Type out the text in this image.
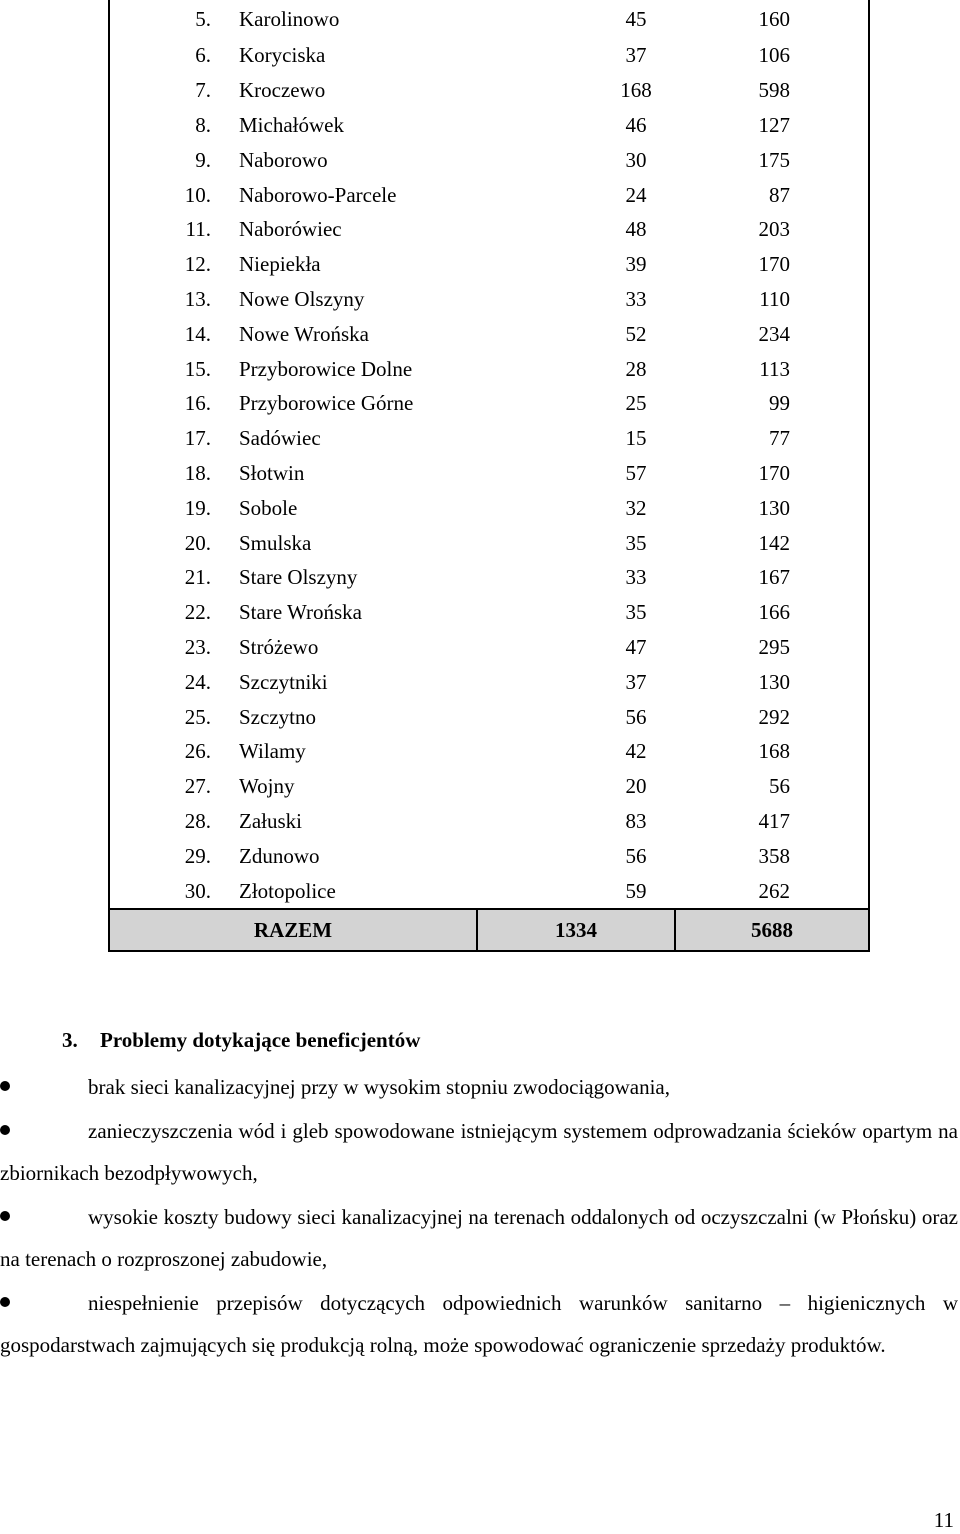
5.	Karolinowo	45	160
6.	Koryciska	37	106
7.	Kroczewo	168	598
8.	Michałówek	46	127
9.	Naborowo	30	175
10.	Naborowo-Parcele	24	87
11.	Naborówiec	48	203
12.	Niepiekła	39	170
13.	Nowe Olszyny	33	110
14.	Nowe Wrońska	52	234
15.	Przyborowice Dolne	28	113
16.	Przyborowice Górne	25	99
17.	Sadówiec	15	77
18.	Słotwin	57	170
19.	Sobole	32	130
20.	Smulska	35	142
21.	Stare Olszyny	33	167
22.	Stare Wrońska	35	166
23.	Stróżewo	47	295
24.	Szczytniki	37	130
25.	Szczytno	56	292
26.	Wilamy	42	168
27.	Wojny	20	56
28.	Załuski	83	417
29.	Zdunowo	56	358
30.	Złotopolice	59	262
RAZEM		1334	5688
3. Problemy dotykające beneficjentów
brak sieci kanalizacyjnej przy w wysokim stopniu zwodociągowania,
zanieczyszczenia wód i gleb spowodowane istniejącym systemem odprowadzania ścieków opartym na zbiornikach bezodpływowych,
wysokie koszty budowy sieci kanalizacyjnej na terenach oddalonych od oczyszczalni (w Płońsku) oraz na terenach o rozproszonej zabudowie,
niespełnienie przepisów dotyczących odpowiednich warunków sanitarno – higienicznych w gospodarstwach zajmujących się produkcją rolną, może spowodować ograniczenie sprzedaży produktów.
11
